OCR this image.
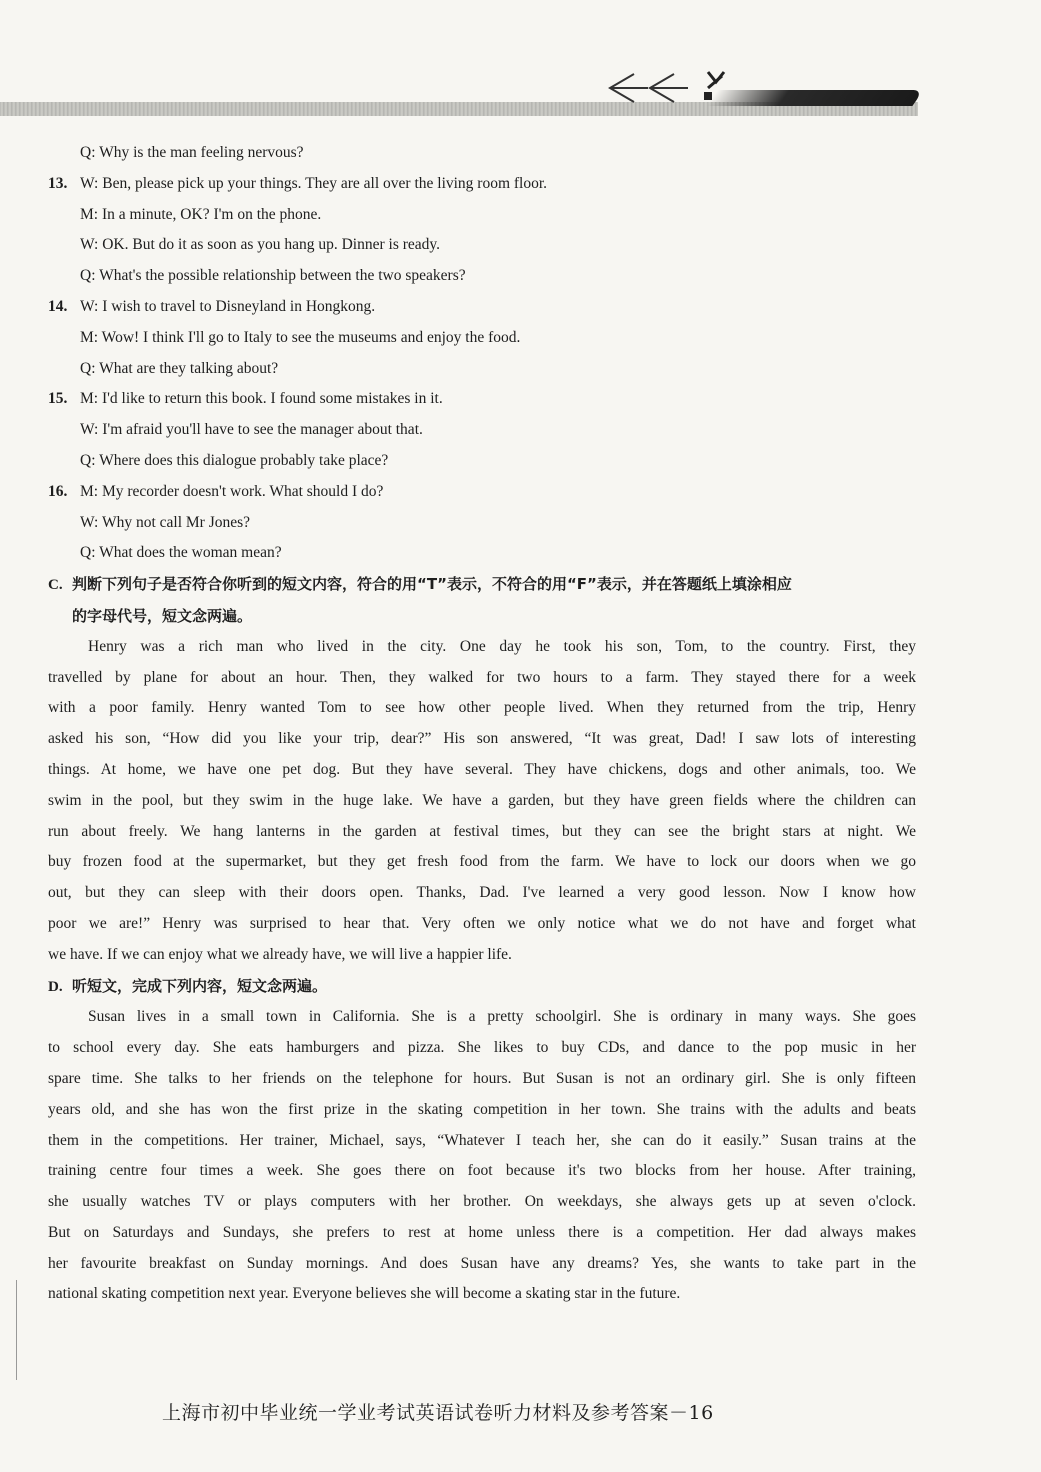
Q: Why is the man feeling nervous?
13. W: Ben, please pick up your things. They are all over the living room floor.
M: In a minute, OK? I'm on the phone.
W: OK. But do it as soon as you hang up. Dinner is ready.
Q: What's the possible relationship between the two speakers?
14. W: I wish to travel to Disneyland in Hongkong.
M: Wow! I think I'll go to Italy to see the museums and enjoy the food.
Q: What are they talking about?
15. M: I'd like to return this book. I found some mistakes in it.
W: I'm afraid you'll have to see the manager about that.
Q: Where does this dialogue probably take place?
16. M: My recorder doesn't work. What should I do?
W: Why not call Mr Jones?
Q: What does the woman mean?
C. 判断下列句子是否符合你听到的短文内容，符合的用“T”表示，不符合的用“F”表示，并在答题纸上填涂相应
的字母代号，短文念两遍。

Henry was a rich man who lived in the city. One day he took his son, Tom, to the country. First, they

travelled by plane for about an hour. Then, they walked for two hours to a farm. They stayed there for a week

with a poor family. Henry wanted Tom to see how other people lived. When they returned from the trip, Henry

asked his son, “How did you like your trip, dear?” His son answered, “It was great, Dad! I saw lots of interesting

things. At home, we have one pet dog. But they have several. They have chickens, dogs and other animals, too. We

swim in the pool, but they swim in the huge lake. We have a garden, but they have green fields where the children can

run about freely. We hang lanterns in the garden at festival times, but they can see the bright stars at night. We

buy frozen food at the supermarket, but they get fresh food from the farm. We have to lock our doors when we go

out, but they can sleep with their doors open. Thanks, Dad. I've learned a very good lesson. Now I know how

poor we are!” Henry was surprised to hear that. Very often we only notice what we do not have and forget what

we have. If we can enjoy what we already have, we will live a happier life.

D. 听短文，完成下列内容，短文念两遍。

Susan lives in a small town in California. She is a pretty schoolgirl. She is ordinary in many ways. She goes

to school every day. She eats hamburgers and pizza. She likes to buy CDs, and dance to the pop music in her

spare time. She talks to her friends on the telephone for hours. But Susan is not an ordinary girl. She is only fifteen

years old, and she has won the first prize in the skating competition in her town. She trains with the adults and beats

them in the competitions. Her trainer, Michael, says, “Whatever I teach her, she can do it easily.” Susan trains at the

training centre four times a week. She goes there on foot because it's two blocks from her house. After training,

she usually watches TV or plays computers with her brother. On weekdays, she always gets up at seven o'clock.

But on Saturdays and Sundays, she prefers to rest at home unless there is a competition. Her dad always makes

her favourite breakfast on Sunday mornings. And does Susan have any dreams? Yes, she wants to take part in the

national skating competition next year. Everyone believes she will become a skating star in the future.

上海市初中毕业统一学业考试英语试卷听力材料及参考答案－16
